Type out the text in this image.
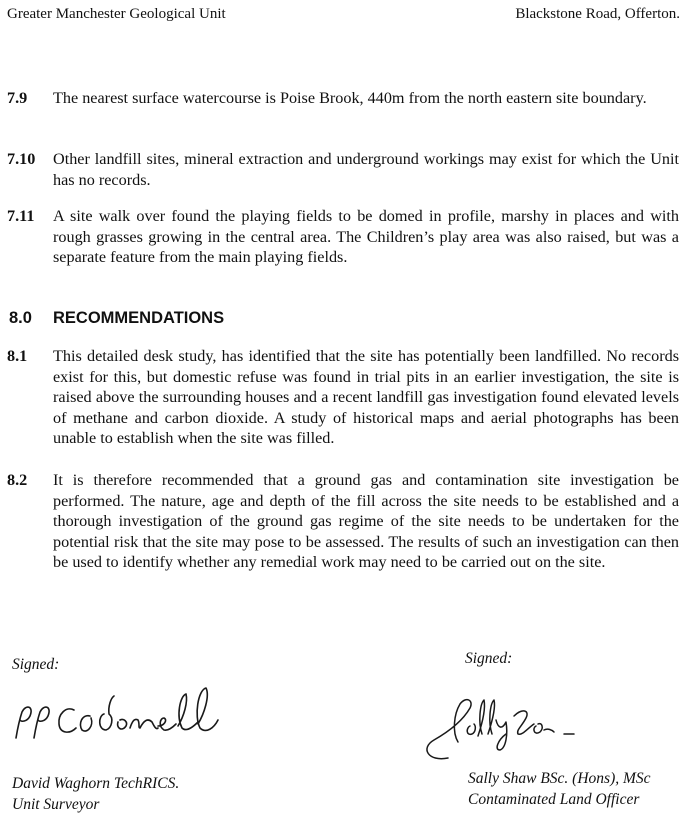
Greater Manchester Geological Unit	Blackstone Road, Offerton.
7.9 The nearest surface watercourse is Poise Brook, 440m from the north eastern site boundary.
7.10 Other landfill sites, mineral extraction and underground workings may exist for which the Unit has no records.
7.11 A site walk over found the playing fields to be domed in profile, marshy in places and with rough grasses growing in the central area. The Children’s play area was also raised, but was a separate feature from the main playing fields.
8.0 RECOMMENDATIONS
8.1 This detailed desk study, has identified that the site has potentially been landfilled. No records exist for this, but domestic refuse was found in trial pits in an earlier investigation, the site is raised above the surrounding houses and a recent landfill gas investigation found elevated levels of methane and carbon dioxide. A study of historical maps and aerial photographs has been unable to establish when the site was filled.
8.2 It is therefore recommended that a ground gas and contamination site investigation be performed. The nature, age and depth of the fill across the site needs to be established and a thorough investigation of the ground gas regime of the site needs to be undertaken for the potential risk that the site may pose to be assessed. The results of such an investigation can then be used to identify whether any remedial work may need to be carried out on the site.
Signed:
David Waghorn TechRICS.
Unit Surveyor
Signed:
Sally Shaw BSc. (Hons), MSc
Contaminated Land Officer
